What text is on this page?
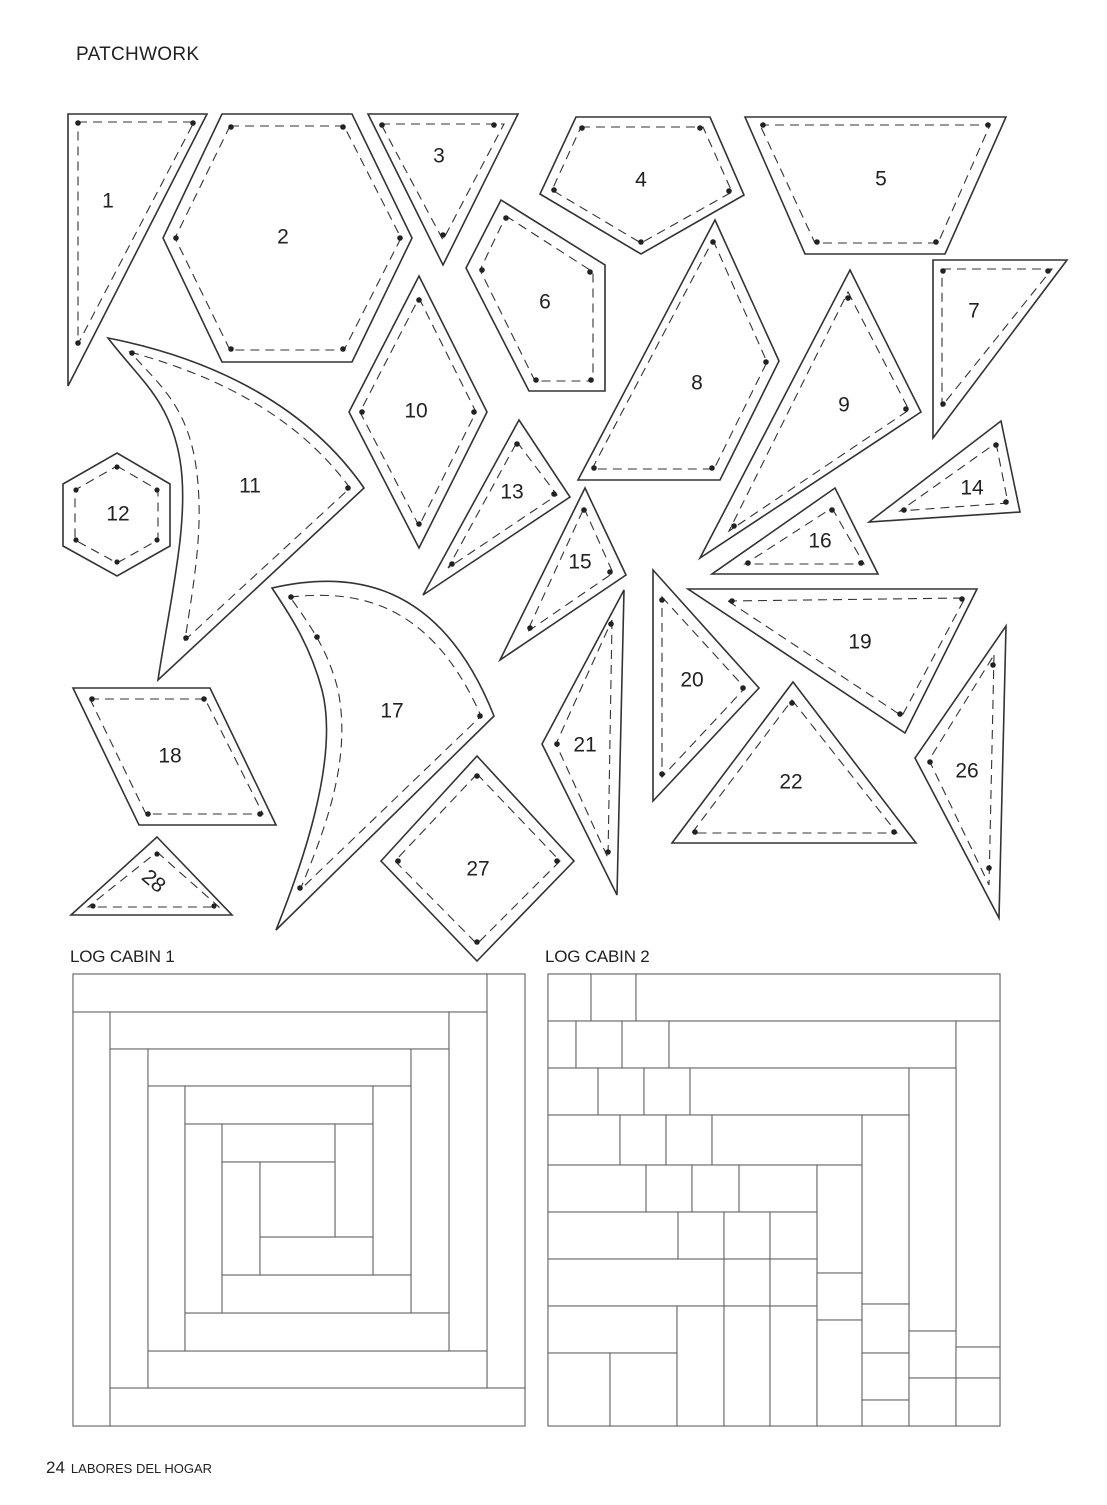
PATCHWORK
1
2
3
4	5
6	7
8
9
10
11
12
13	14
15
16
17
18
19
20
21
22	26
27
28
LOG CABIN 1	LOG CABIN 2
24 LABORES DEL HOGAR
